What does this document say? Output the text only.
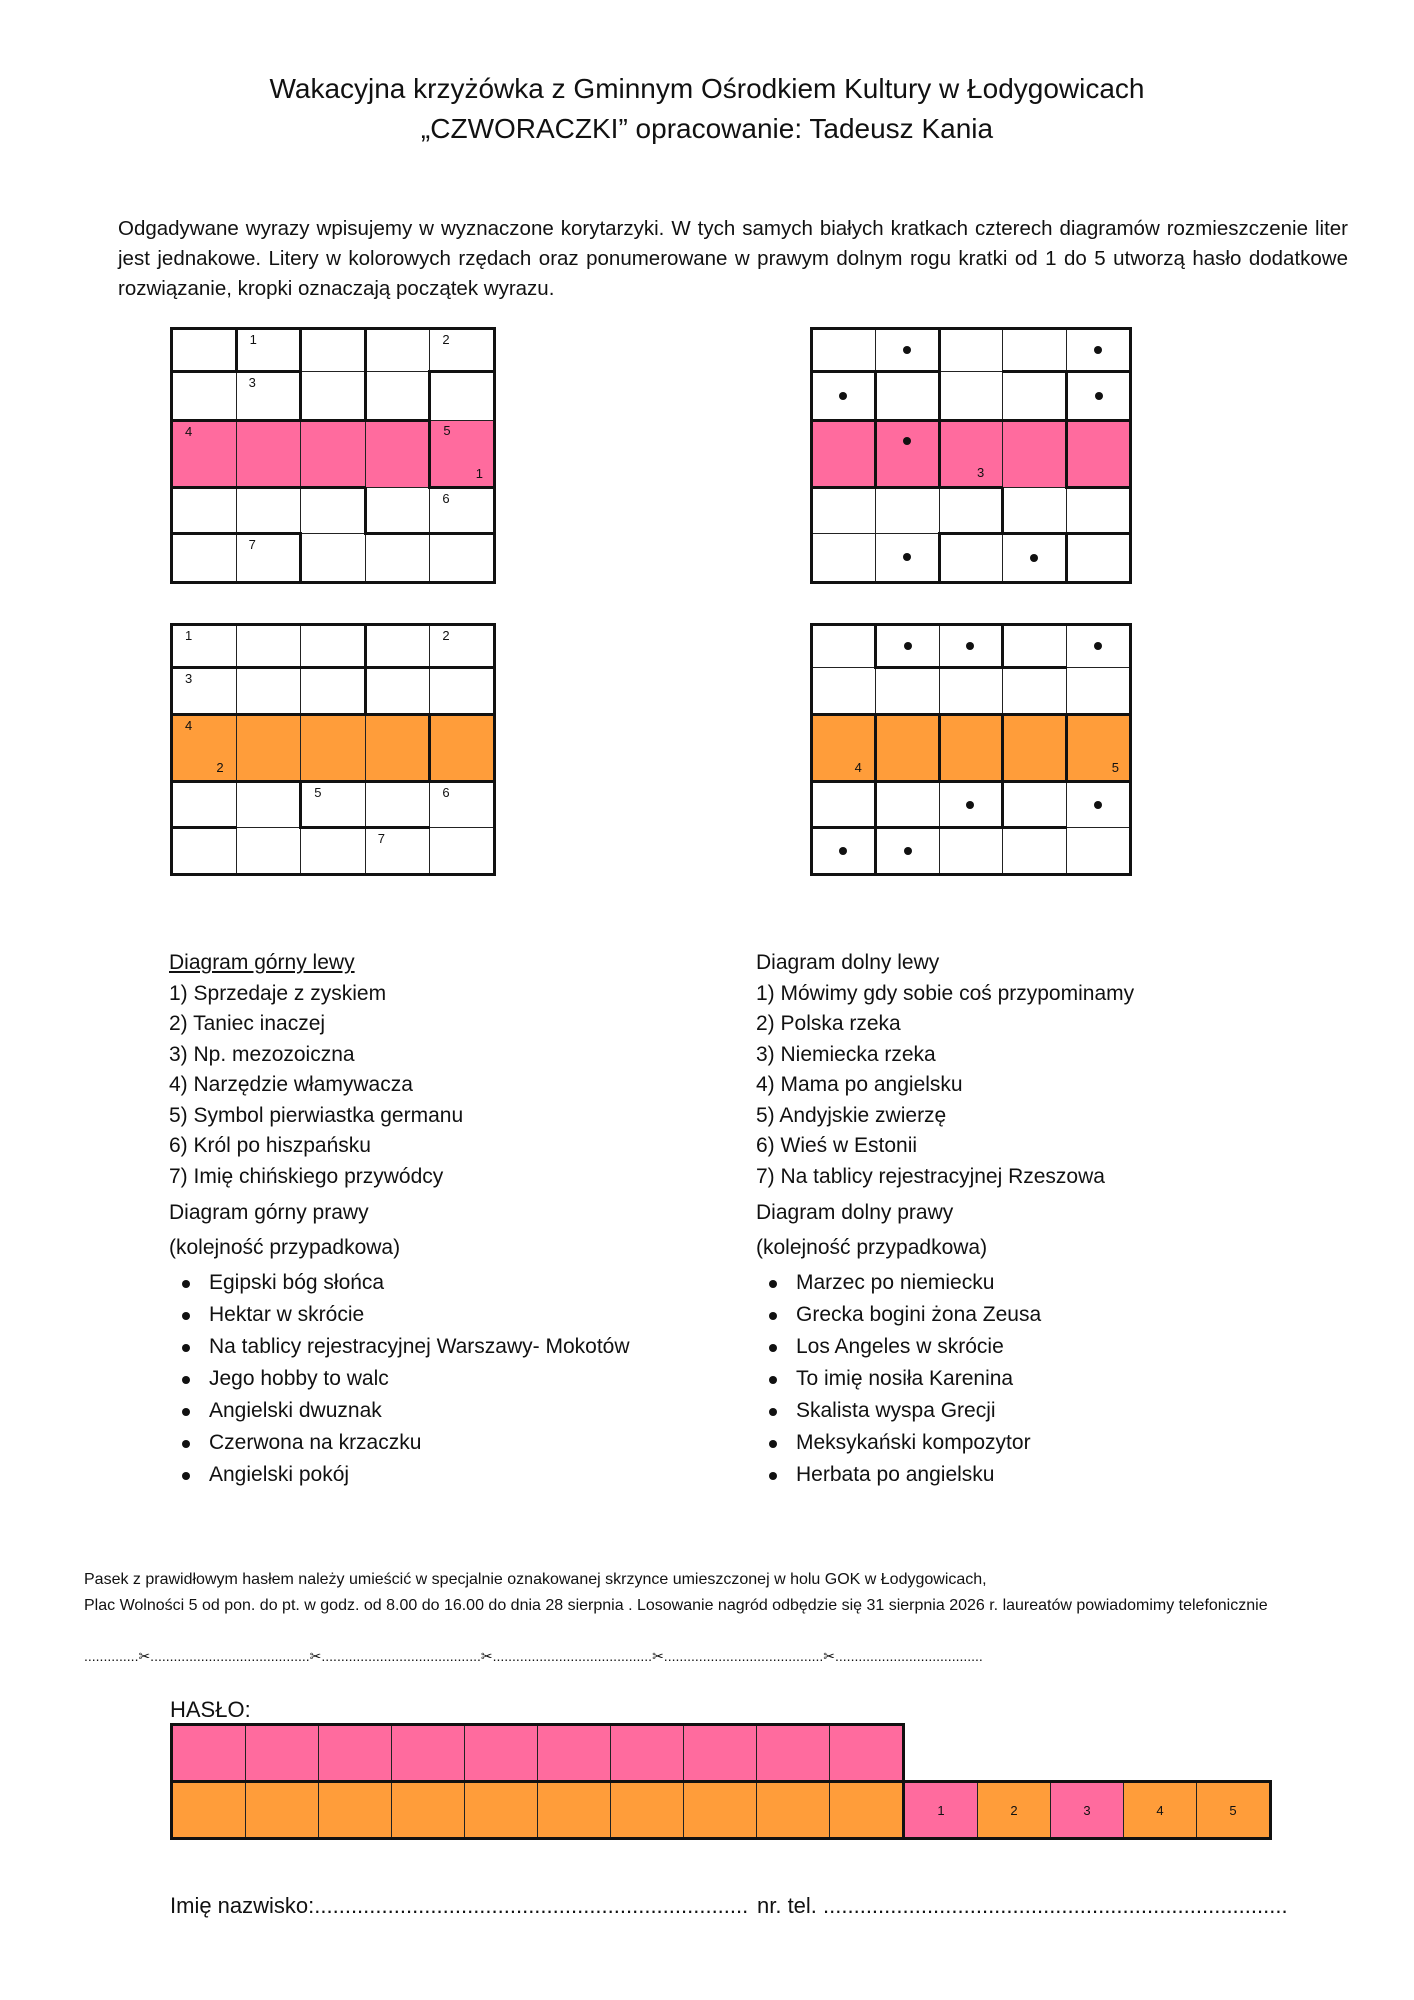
Wakacyjna krzyżówka z Gminnym Ośrodkiem Kultury w Łodygowicach
„CZWORACZKI” opracowanie: Tadeusz Kania
Odgadywane wyrazy wpisujemy w wyznaczone korytarzyki. W tych samych białych kratkach czterech diagramów rozmieszczenie liter jest jednakowe. Litery w kolorowych rzędach oraz ponumerowane w prawym dolnym rogu kratki od 1 do 5 utworzą hasło dodatkowe rozwiązanie, kropki oznaczają początek wyrazu.

	1			2

	3			

4				5
1

				6

	7			

3
1				2

3				

4
2				

		5		6

			7	

4				5

Diagram górny lewy
1) Sprzedaje z zyskiem
2) Taniec inaczej
3) Np. mezozoiczna
4) Narzędzie włamywacza
5) Symbol pierwiastka germanu
6) Król po hiszpańsku
7) Imię chińskiego przywódcy
Diagram górny prawy
(kolejność przypadkowa)
Egipski bóg słońca
Hektar w skrócie
Na tablicy rejestracyjnej Warszawy- Mokotów
Jego hobby to walc
Angielski dwuznak
Czerwona na krzaczku
Angielski pokój
Diagram dolny lewy
1) Mówimy gdy sobie coś przypominamy
2) Polska rzeka
3) Niemiecka rzeka
4) Mama po angielsku
5) Andyjskie zwierzę
6) Wieś w Estonii
7) Na tablicy rejestracyjnej Rzeszowa
Diagram dolny prawy
(kolejność przypadkowa)
Marzec po niemiecku
Grecka bogini żona Zeusa
Los Angeles w skrócie
To imię nosiła Karenina
Skalista wyspa Grecji
Meksykański kompozytor
Herbata po angielsku
Pasek z prawidłowym hasłem należy umieścić w specjalnie oznakowanej skrzynce umieszczonej w holu GOK w Łodygowicach,
Plac Wolności 5 od pon. do pt. w godz. od 8.00 do 16.00 do dnia 28 sierpnia . Losowanie nagród odbędzie się 31 sierpnia 2026 r. laureatów powiadomimy telefonicznie
..............✂.........................................✂.........................................✂.........................................✂.........................................✂......................................
HASŁO:

										1	2	3	4	5
Imię nazwisko:....................................................................... nr. tel. ............................................................................
